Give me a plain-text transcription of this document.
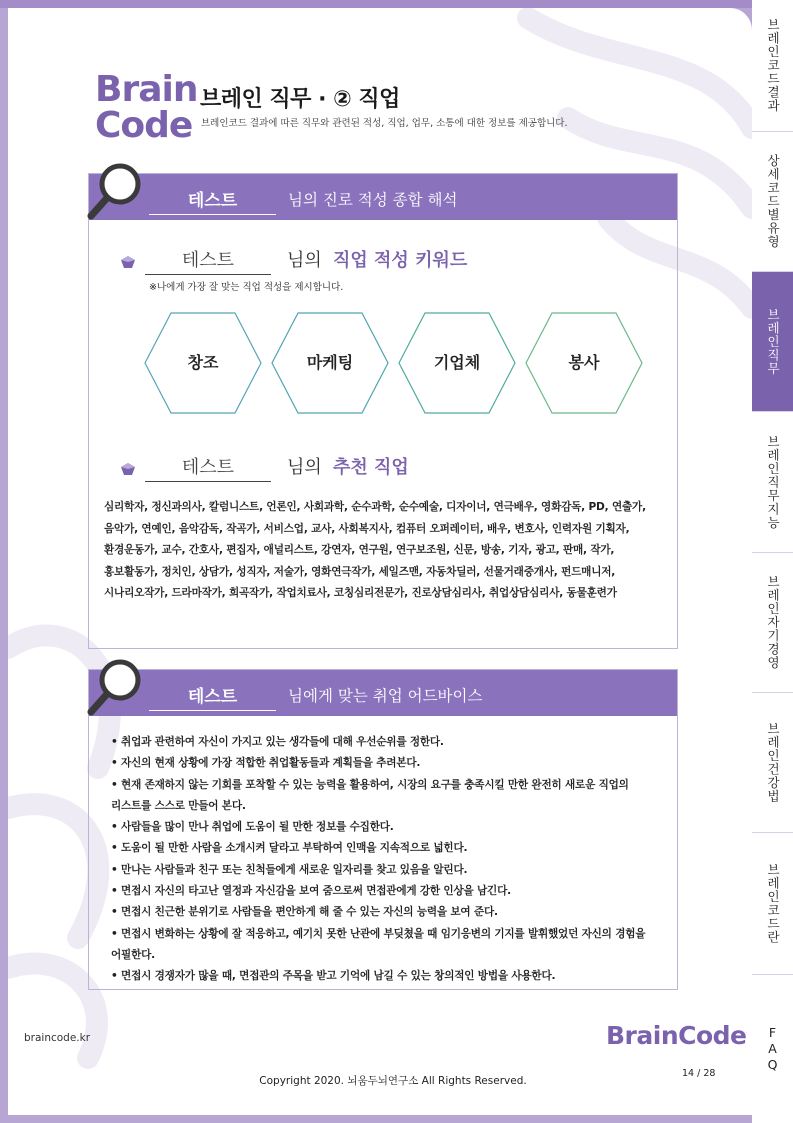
Brain
Code
브레인 직무 · ② 직업
브레인코드 결과에 따른 직무와 관련된 적성, 직업, 업무, 소통에 대한 정보를 제공합니다.
테스트	님의 진로 적성 종합 해석
테스트	님의 직업 적성 키워드
※나에게 가장 잘 맞는 직업 적성을 제시합니다.
창조	마케팅	기업체	봉사
테스트	님의 추천 직업
심리학자, 정신과의사, 칼럼니스트, 언론인, 사회과학, 순수과학, 순수예술, 디자이너, 연극배우, 영화감독, PD, 연출가,
음악가, 연예인, 음악감독, 작곡가, 서비스업, 교사, 사회복지사, 컴퓨터 오퍼레이터, 배우, 변호사, 인력자원 기획자,
환경운동가, 교수, 간호사, 편집자, 애널리스트, 강연자, 연구원, 연구보조원, 신문, 방송, 기자, 광고, 판매, 작가,
홍보활동가, 정치인, 상담가, 성직자, 저술가, 영화연극작가, 세일즈맨, 자동차딜러, 선물거래중개사, 펀드매니저,
시나리오작가, 드라마작가, 희곡작가, 작업치료사, 코칭심리전문가, 진로상담심리사, 취업상담심리사, 동물훈련가
테스트	님에게 맞는 취업 어드바이스
• 취업과 관련하여 자신이 가지고 있는 생각들에 대해 우선순위를 정한다.
• 자신의 현재 상황에 가장 적합한 취업활동들과 계획들을 추려본다.
• 현재 존재하지 않는 기회를 포착할 수 있는 능력을 활용하여, 시장의 요구를 충족시킬 만한 완전히 새로운 직업의
리스트를 스스로 만들어 본다.
• 사람들을 많이 만나 취업에 도움이 될 만한 정보를 수집한다.
• 도움이 될 만한 사람을 소개시켜 달라고 부탁하여 인맥을 지속적으로 넓힌다.
• 만나는 사람들과 친구 또는 친척들에게 새로운 일자리를 찾고 있음을 알린다.
• 면접시 자신의 타고난 열정과 자신감을 보여 줌으로써 면접관에게 강한 인상을 남긴다.
• 면접시 친근한 분위기로 사람들을 편안하게 해 줄 수 있는 자신의 능력을 보여 준다.
• 면접시 변화하는 상황에 잘 적응하고, 예기치 못한 난관에 부딪쳤을 때 임기응변의 기지를 발휘했었던 자신의 경험을
어필한다.
• 면접시 경쟁자가 많을 때, 면접관의 주목을 받고 기억에 남길 수 있는 창의적인 방법을 사용한다.
braincode.kr	BrainCode
Copyright 2020. 뇌움두뇌연구소 All Rights Reserved.
14 / 28
브레인코드결과
상세코드별유형
브레인직무
브레인직무지능
브레인자기경영
브레인건강법
브레인코드란
FAQ
